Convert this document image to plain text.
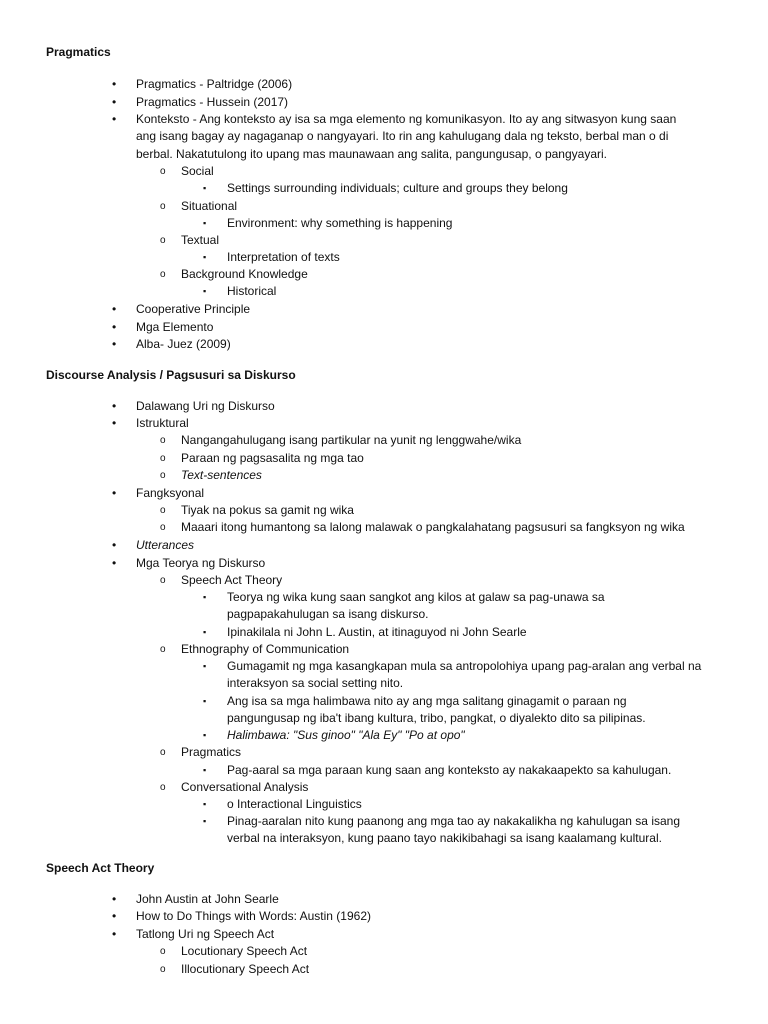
Pragmatics
• Pragmatics - Paltridge (2006)
• Pragmatics - Hussein (2017)
• Konteksto - Ang konteksto ay isa sa mga elemento ng komunikasyon. Ito ay ang sitwasyon kung saan
ang isang bagay ay nagaganap o nangyayari. Ito rin ang kahulugang dala ng teksto, berbal man o di
berbal. Nakatutulong ito upang mas maunawaan ang salita, pangungusap, o pangyayari.
o Social
▪ Settings surrounding individuals; culture and groups they belong
o Situational
▪ Environment: why something is happening
o Textual
▪ Interpretation of texts
o Background Knowledge
▪ Historical
• Cooperative Principle
• Mga Elemento
• Alba- Juez (2009)
Discourse Analysis / Pagsusuri sa Diskurso
• Dalawang Uri ng Diskurso
• Istruktural
o Nangangahulugang isang partikular na yunit ng lenggwahe/wika
o Paraan ng pagsasalita ng mga tao
o Text-sentences
• Fangksyonal
o Tiyak na pokus sa gamit ng wika
o Maaari itong humantong sa lalong malawak o pangkalahatang pagsusuri sa fangksyon ng wika
• Utterances
• Mga Teorya ng Diskurso
o Speech Act Theory
▪ Teorya ng wika kung saan sangkot ang kilos at galaw sa pag-unawa sa
pagpapakahulugan sa isang diskurso.
▪ Ipinakilala ni John L. Austin, at itinaguyod ni John Searle
o Ethnography of Communication
▪ Gumagamit ng mga kasangkapan mula sa antropolohiya upang pag-aralan ang verbal na
interaksyon sa social setting nito.
▪ Ang isa sa mga halimbawa nito ay ang mga salitang ginagamit o paraan ng
pangungusap ng iba't ibang kultura, tribo, pangkat, o diyalekto dito sa pilipinas.
▪ Halimbawa: "Sus ginoo" "Ala Ey" "Po at opo"
o Pragmatics
▪ Pag-aaral sa mga paraan kung saan ang konteksto ay nakakaapekto sa kahulugan.
o Conversational Analysis
▪ o Interactional Linguistics
▪ Pinag-aaralan nito kung paanong ang mga tao ay nakakalikha ng kahulugan sa isang
verbal na interaksyon, kung paano tayo nakikibahagi sa isang kaalamang kultural.
Speech Act Theory
• John Austin at John Searle
• How to Do Things with Words: Austin (1962)
• Tatlong Uri ng Speech Act
o Locutionary Speech Act
o Illocutionary Speech Act
